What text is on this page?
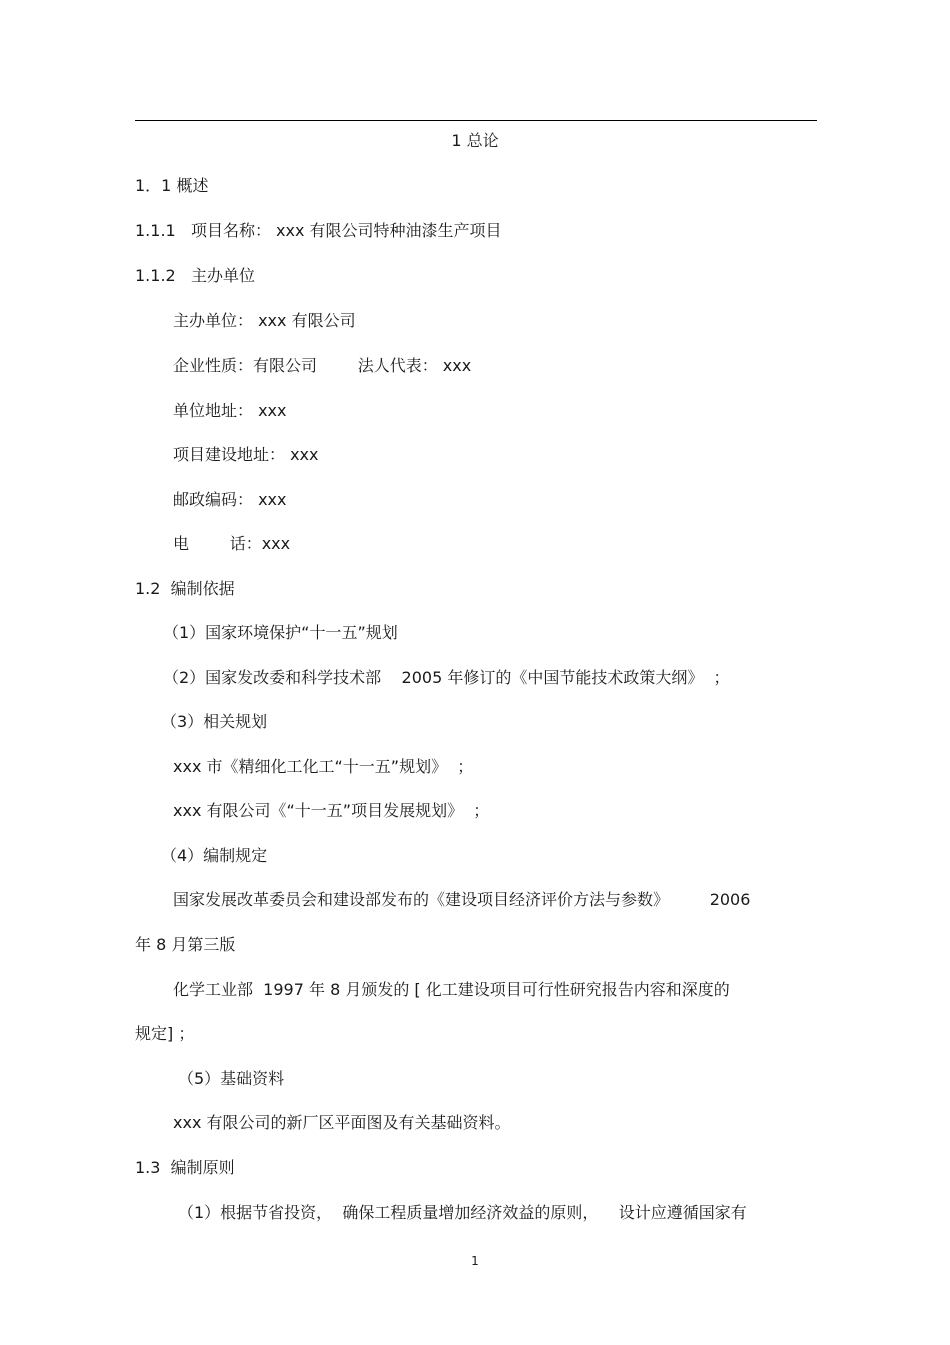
1 总论
1．1 概述
1.1.1   项目名称： xxx 有限公司特种油漆生产项目
1.1.2   主办单位
主办单位： xxx 有限公司
企业性质：有限公司        法人代表： xxx
单位地址： xxx
项目建设地址： xxx
邮政编码： xxx
电        话：xxx
1.2  编制依据
（1）国家环境保护“十一五”规划
（2）国家发改委和科学技术部    2005 年修订的《中国节能技术政策大纲》  ；
（3）相关规划
xxx 市《精细化工化工“十一五”规划》  ；
xxx 有限公司《“十一五”项目发展规划》  ；
（4）编制规定
国家发展改革委员会和建设部发布的《建设项目经济评价方法与参数》        2006
年 8 月第三版
化学工业部  1997 年 8 月颁发的 [ 化工建设项目可行性研究报告内容和深度的
规定] ；
（5）基础资料
xxx 有限公司的新厂区平面图及有关基础资料。
1.3  编制原则
（1）根据节省投资，  确保工程质量增加经济效益的原则，    设计应遵循国家有
1
